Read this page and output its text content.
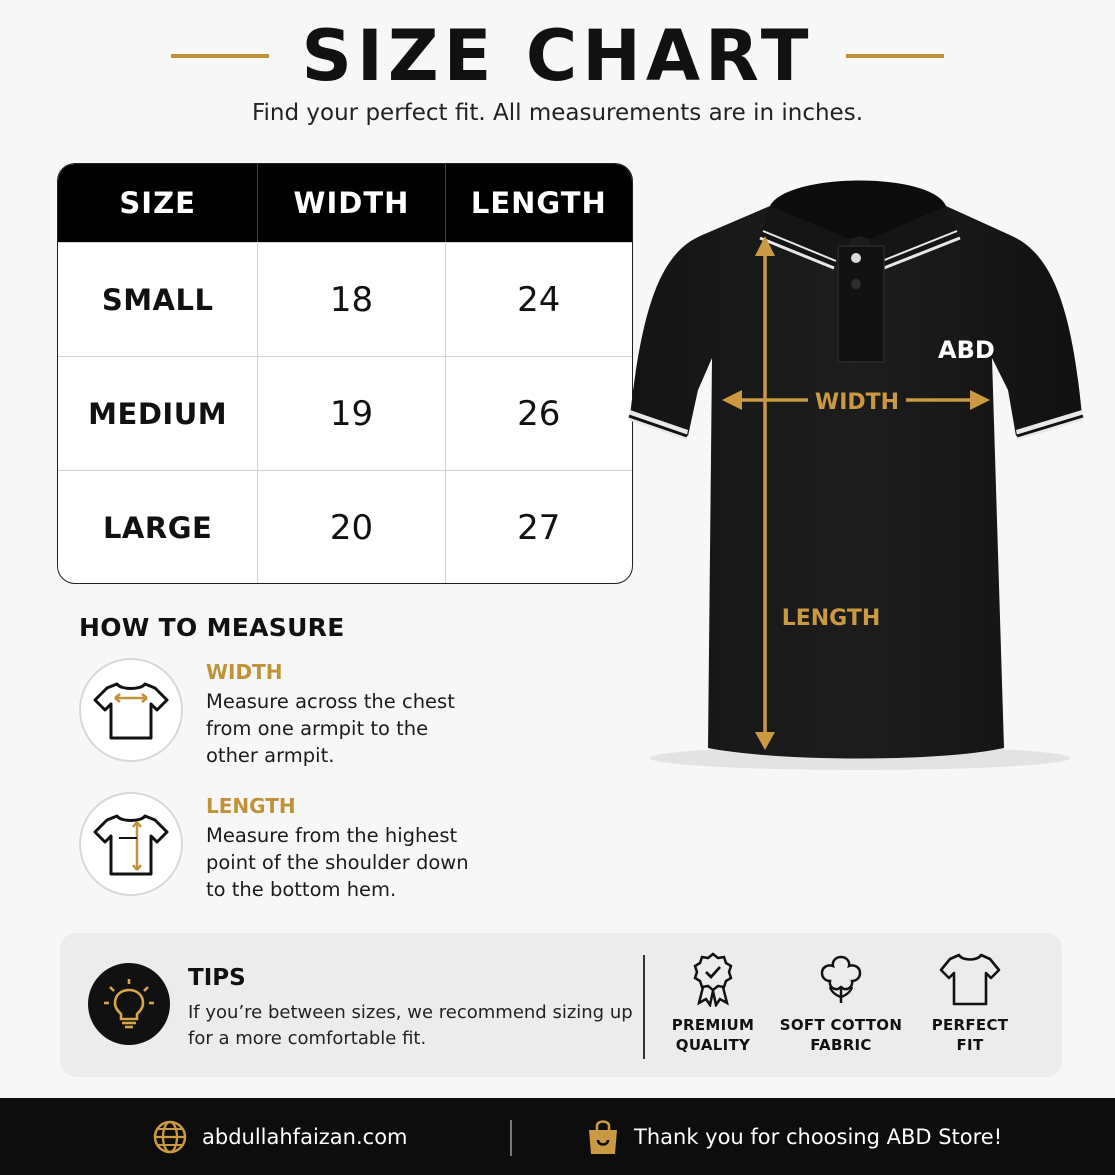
SIZE CHART
Find your perfect fit. All measurements are in inches.
SIZE	WIDTH	LENGTH
SMALL	18	24
MEDIUM	19	26
LARGE	20	27
HOW TO MEASURE
WIDTH
Measure across the chest
from one armpit to the
other armpit.
LENGTH
Measure from the highest
point of the shoulder down
to the bottom hem.
ABD
WIDTH
LENGTH
TIPS
If you’re between sizes, we recommend sizing up
for a more comfortable fit.
PREMIUM
QUALITY
SOFT COTTON
FABRIC
PERFECT
FIT
abdullahfaizan.com	Thank you for choosing ABD Store!
